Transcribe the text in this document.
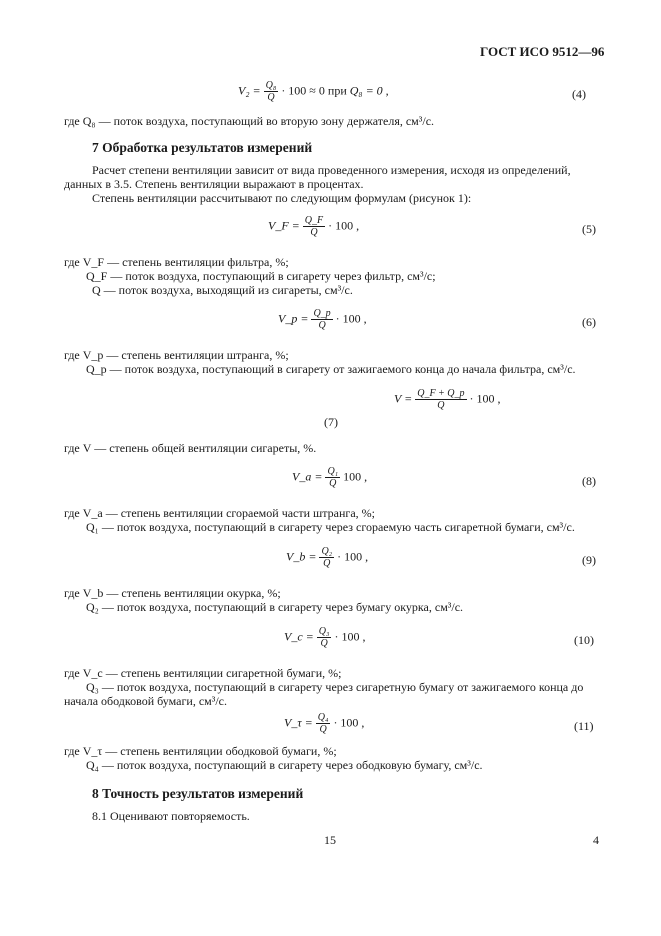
ГОСТ ИСО 9512—96
$V_2 = \frac{\text{Q₈}}{Q} \cdot 100 \approx 0$ при Q₈ = 0 ,	(4)
где Q₈ — поток воздуха, поступающий во вторую зону держателя, см³/с.
7 Обработка результатов измерений
Расчет степени вентиляции зависит от вида проведенного измерения, исходя из определений,
данных в 3.5. Степень вентиляции выражают в процентах.
Степень вентиляции рассчитывают по следующим формулам (рисунок 1):
V_F = $\frac{Q\_F}{Q} \cdot 100$ ,	(5)
где V_F — степень вентиляции фильтра, %;
Q_F — поток воздуха, поступающий в сигарету через фильтр, см³/с;
Q — поток воздуха, выходящий из сигареты, см³/с.
V_p = $\frac{Q\_p}{Q} \cdot 100$ ,	(6)
где V_p — степень вентиляции штранга, %;
Q_p — поток воздуха, поступающий в сигарету от зажигаемого конца до начала фильтра, см³/с.
$V = \frac{Q\_F + Q\_p}{Q} \cdot 100$ ,
(7)
где V — степень общей вентиляции сигареты, %.
V_a = $\frac{\text{Q₁}}{Q} 100$ ,	(8)
где V_a — степень вентиляции сгораемой части штранга, %;
Q₁ — поток воздуха, поступающий в сигарету через сгораемую часть сигаретной бумаги, см³/с.
V_b = $\frac{\text{Q₂}}{Q} \cdot 100$ ,	(9)
где V_b — степень вентиляции окурка, %;
Q₂ — поток воздуха, поступающий в сигарету через бумагу окурка, см³/с.
V_c = $\frac{\text{Q₃}}{Q} \cdot 100$ ,	(10)
где V_c — степень вентиляции сигаретной бумаги, %;
Q₃ — поток воздуха, поступающий в сигарету через сигаретную бумагу от зажигаемого конца до
начала ободковой бумаги, см³/с.
V_τ = $\frac{\text{Q₄}}{Q} \cdot 100$ ,	(11)
где V_τ — степень вентиляции ободковой бумаги, %;
Q₄ — поток воздуха, поступающий в сигарету через ободковую бумагу, см³/с.
8 Точность результатов измерений
8.1 Оценивают повторяемость.
15	4
